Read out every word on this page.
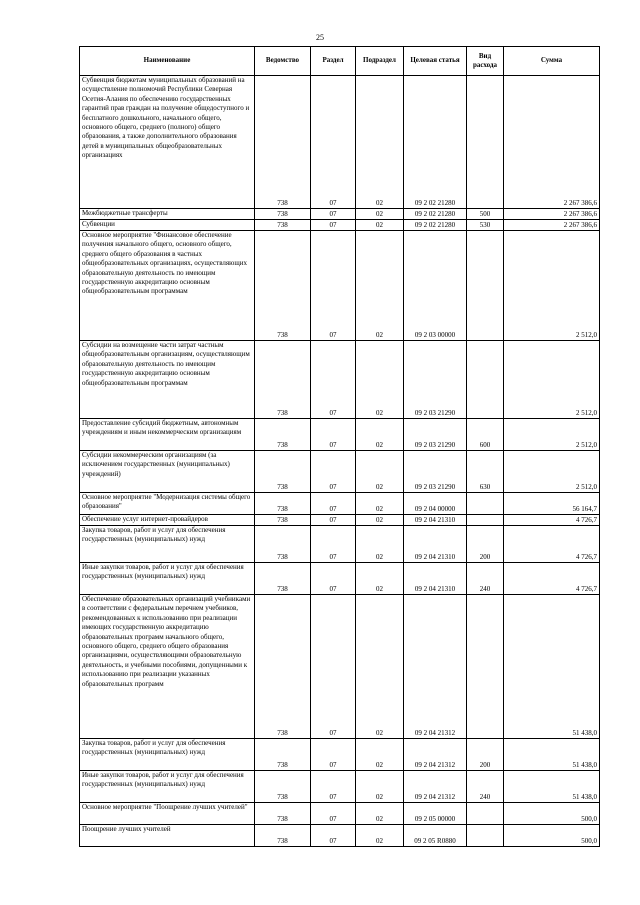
25
Наименование	Ведомство	Раздел	Подраздел	Целевая статья	Вид расхода	Сумма

Субвенция бюджетам муниципальных образований на осуществление полномочий Республики Северная Осетия-Алания по обеспечению государственных гарантий прав граждан на получение общедоступного и бесплатного дошкольного, начального общего, основного общего, среднего (полного) общего образования, а также дополнительного образования детей в муниципальных общеобразовательных организациях	738	07	02	09 2 02 21280		2 267 386,6

Межбюджетные трансферты	738	07	02	09 2 02 21280	500	2 267 386,6

Субвенции	738	07	02	09 2 02 21280	530	2 267 386,6

Основное мероприятие "Финансовое обеспечение получения начального общего, основного общего, среднего общего образования в частных общеобразовательных организациях, осуществляющих образовательную деятельность по имеющим государственную аккредитацию основным общеобразовательным программам	738	07	02	09 2 03 00000		2 512,0

Субсидии на возмещение части затрат частным общеобразовательным организациям, осуществляющим образовательную деятельность по имеющим государственную аккредитацию основным общеобразовательным программам	738	07	02	09 2 03 21290		2 512,0

Предоставление субсидий бюджетным, автономным учреждениям и иным некоммерческим организациям	738	07	02	09 2 03 21290	600	2 512,0

Субсидии некоммерческим организациям (за исключением государственных (муниципальных) учреждений)	738	07	02	09 2 03 21290	630	2 512,0

Основное мероприятие "Модернизация системы общего образования"	738	07	02	09 2 04 00000		56 164,7

Обеспечение услуг интернет-провайдеров	738	07	02	09 2 04 21310		4 726,7

Закупка товаров, работ и услуг для обеспечения государственных (муниципальных) нужд	738	07	02	09 2 04 21310	200	4 726,7

Иные закупки товаров, работ и услуг для обеспечения государственных (муниципальных) нужд	738	07	02	09 2 04 21310	240	4 726,7

Обеспечение образовательных организаций учебниками в соответствии с федеральным перечнем учебников, рекомендованных к использованию при реализации имеющих государственную аккредитацию образовательных программ начального общего, основного общего, среднего общего образования организациями, осуществляющими образовательную деятельность, и учебными пособиями, допущенными к использованию при реализации указанных образовательных программ	738	07	02	09 2 04 21312		51 438,0

Закупка товаров, работ и услуг для обеспечения государственных (муниципальных) нужд	738	07	02	09 2 04 21312	200	51 438,0

Иные закупки товаров, работ и услуг для обеспечения государственных (муниципальных) нужд	738	07	02	09 2 04 21312	240	51 438,0

Основное мероприятие "Поощрение лучших учителей"	738	07	02	09 2 05 00000		500,0

Поощрение лучших учителей	738	07	02	09 2 05 R0880		500,0
